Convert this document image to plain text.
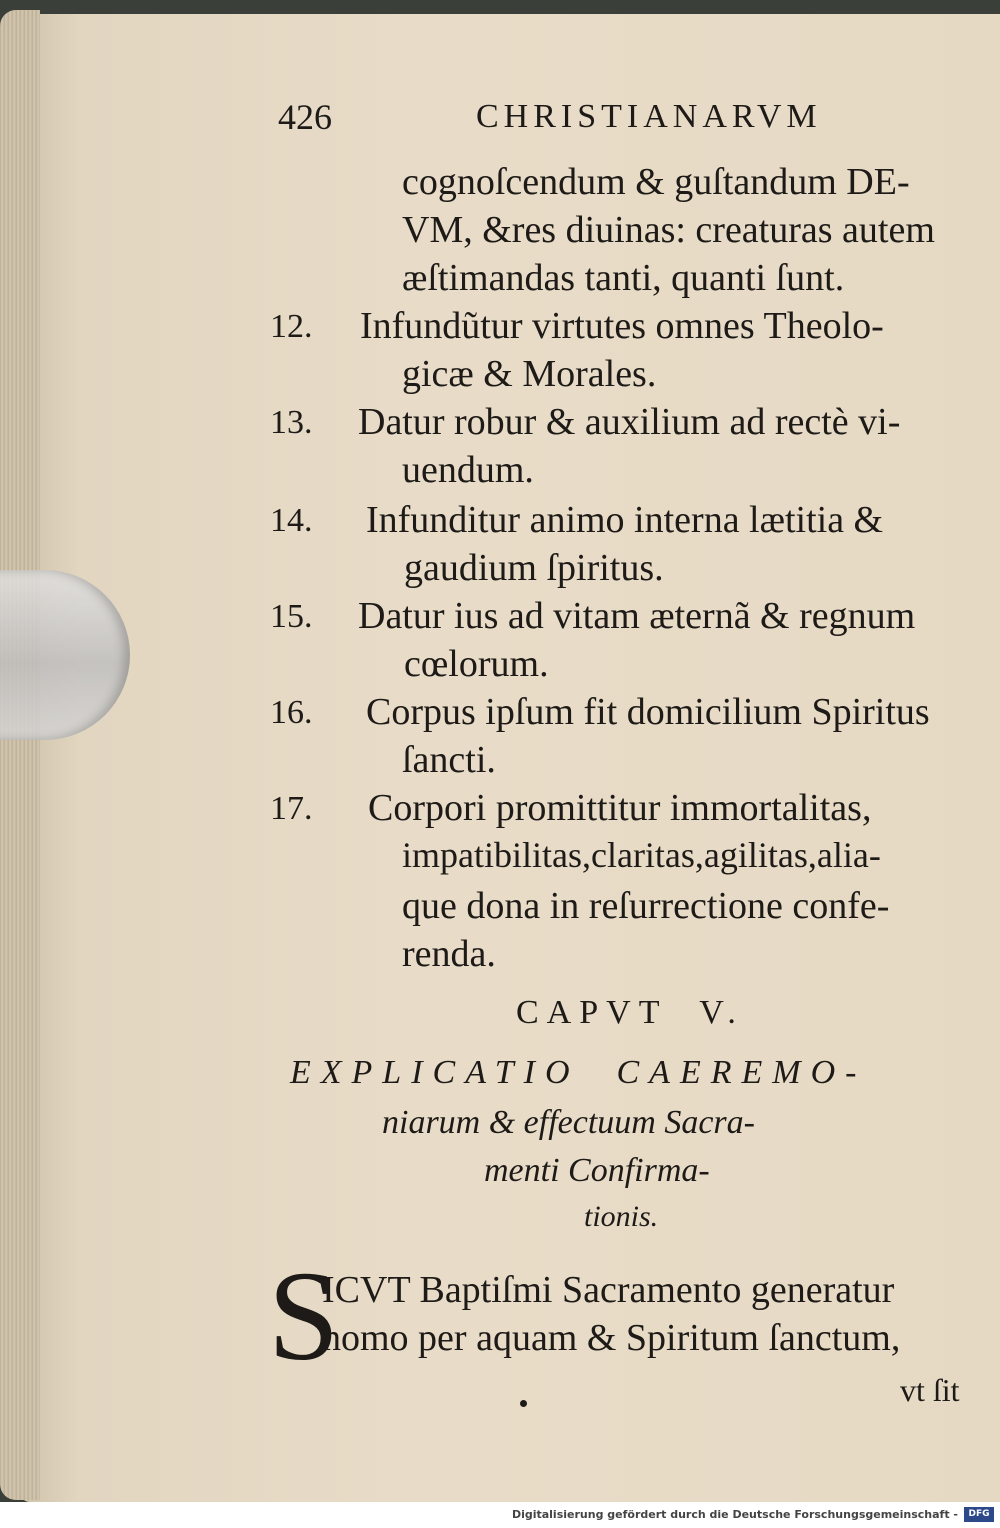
426	CHRISTIANARVM
cognoſcendum & guſtandum DE-
VM, &res diuinas: creaturas autem
æſtimandas tanti, quanti ſunt.
12. Infundũtur virtutes omnes Theolo-
gicæ & Morales.
13. Datur robur & auxilium ad rectè vi-
uendum.
14. Infunditur animo interna lætitia &
gaudium ſpiritus.
15. Datur ius ad vitam æternã & regnum
cœlorum.
16. Corpus ipſum fit domicilium Spiritus
ſancti.
17. Corpori promittitur immortalitas,
impatibilitas,claritas,agilitas,alia-
que dona in reſurrectione confe-
renda.
CAPVT  V.
EXPLICATIO  CAEREMO-
niarum & effectuum Sacra-
menti Confirma-
tionis.
S
ICVT Baptiſmi Sacramento generatur
homo per aquam & Spiritum ſanctum,
vt ſit
Digitalisierung gefördert durch die Deutsche Forschungsgemeinschaft -	DFG
